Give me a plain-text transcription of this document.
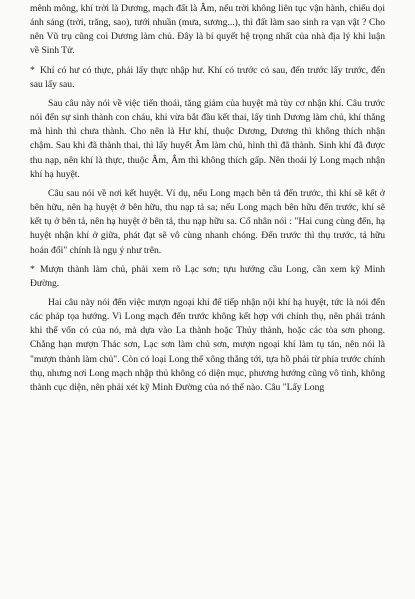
mênh mông, khí trời là Dương, mạch đất là Âm, nếu trời không liên tục vận hành, chiếu dọi ánh sáng (trời, trăng, sao), tưới nhuần (mưa, sương...), thì đất làm sao sinh ra vạn vật ? Cho nên Vũ trụ cũng coi Dương làm chủ. Đây là bí quyết hệ trọng nhất của nhà địa lý khi luận về Sinh Tử.

* Khí có hư có thực, phải lấy thực nhập hư. Khí có trước có sau, đến trước lấy trước, đến sau lấy sau.

Sau câu này nói về việc tiến thoái, tăng giảm của huyệt mà tùy cơ nhận khí. Câu trước nói đến sự sinh thành con cháu, khi vừa bắt đầu kết thai, lấy tinh Dương làm chủ, khí thắng mà hình thì chưa thành. Cho nên là Hư khí, thuộc Dương, Dương thì không thích nhận chậm. Sau khi đã thành thai, thì lấy huyết Âm làm chủ, hình thì đã thành. Sinh khí đã được thu nạp, nên khí là thực, thuộc Âm, Âm thì không thích gấp. Nên thoái lý Long mạch nhận khí hạ huyệt.

Câu sau nói về nơi kết huyệt. Ví dụ, nếu Long mạch bên tả đến trước, thì khí sẽ kết ở bên hữu, nên hạ huyệt ở bên hữu, thu nạp tả sa; nếu Long mạch bên hữu đến trước, khí sẽ kết tụ ở bên tả, nên hạ huyệt ở bên tả, thu nạp hữu sa. Cổ nhân nói : "Hai cung cùng đến, hạ huyệt nhận khí ở giữa, phát đạt sẽ vô cùng nhanh chóng. Đến trước thì thụ trước, tả hữu hoán đổi" chính là ngụ ý như trên.

* Mượn thành làm chủ, phải xem rõ Lạc sơn; tựu hướng cầu Long, cần xem kỹ Minh Đường.

Hai câu này nói đến việc mượn ngoại khí để tiếp nhận nội khí hạ huyệt, tức là nói đến các pháp tọa hướng. Vì Long mạch đến trước không kết hợp với chính thụ, nên phải tránh khi thế vốn có của nó, mà dựa vào La thành hoặc Thủy thành, hoặc các tòa sơn phong. Chẳng hạn mượn Thác sơn, Lạc sơn làm chủ sơn, mượn ngoại khí làm tụ tán, nên nói là "mượn thành làm chủ". Còn có loại Long thế xông thẳng tới, tựa hồ phải từ phía trước chính thụ, nhưng nơi Long mạch nhập thủ không có diện mục, phương hướng cũng vô tình, không thành cục diện, nên phải xét kỹ Minh Đường của nó thế nào. Câu "Lấy Long
